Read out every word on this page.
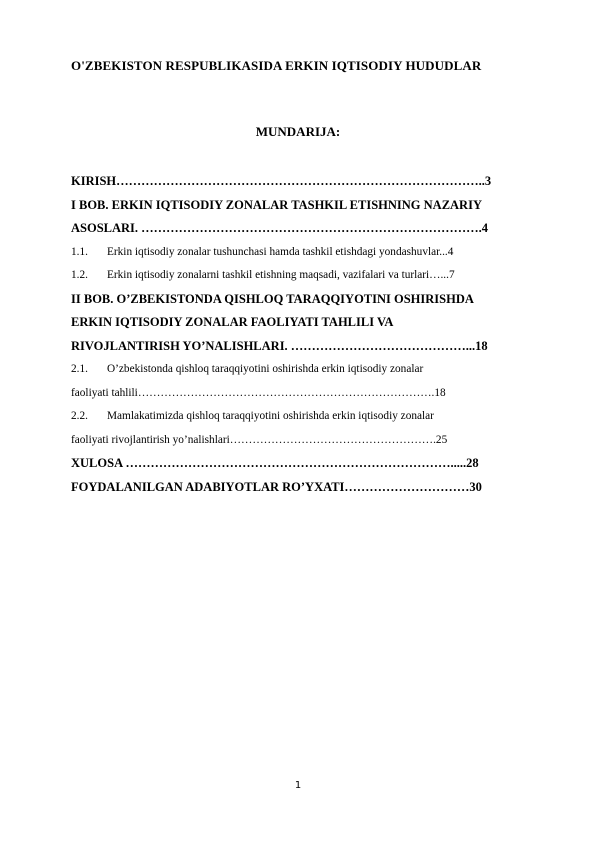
O'ZBEKISTON RESPUBLIKASIDA ERKIN IQTISODIY HUDUDLAR
MUNDARIJA:
KIRISH……………………………………………………………………………..3
I BOB. ERKIN IQTISODIY ZONALAR TASHKIL ETISHNING NAZARIY
ASOSLARI. ……………………………………………………………………….4
1.1. Erkin iqtisodiy zonalar tushunchasi hamda tashkil etishdagi yondashuvlar...4
1.2. Erkin iqtisodiy zonalarni tashkil etishning maqsadi, vazifalari va turlari…...7
II BOB. O’ZBEKISTONDA QISHLOQ TARAQQIYOTINI OSHIRISHDA
ERKIN IQTISODIY ZONALAR FAOLIYATI TAHLILI VA
RIVOJLANTIRISH YO’NALISHLARI. ……………………………………...18
2.1. O’zbekistonda qishloq taraqqiyotini oshirishda erkin iqtisodiy zonalar
faoliyati tahlili…………………………………………………………………….18
2.2. Mamlakatimizda qishloq taraqqiyotini oshirishda erkin iqtisodiy zonalar
faoliyati rivojlantirish yo’nalishlari……………………………………………….25
XULOSA …………………………………………………………………….....28
FOYDALANILGAN ADABIYOTLAR RO’YXATI…………………………30
1
